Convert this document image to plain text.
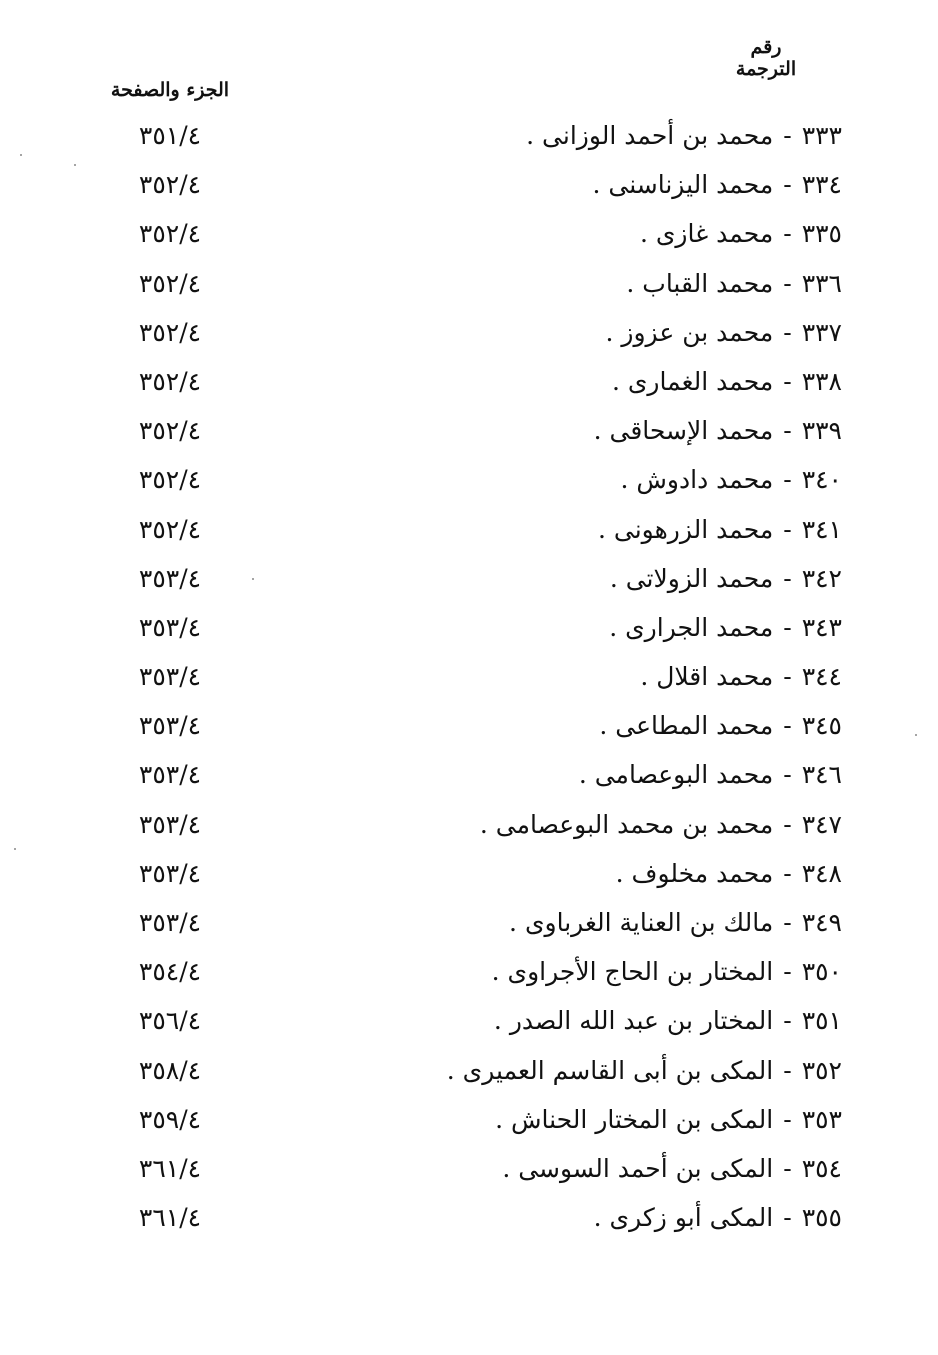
رقم
الترجمة
الجزء والصفحة
٣٣٣-محمد بن أحمد الوزانى .
٣٥١/٤
٣٣٤-محمد اليزناسنى .
٣٥٢/٤
٣٣٥-محمد غازى .
٣٥٢/٤
٣٣٦-محمد القباب .
٣٥٢/٤
٣٣٧-محمد بن عزوز .
٣٥٢/٤
٣٣٨-محمد الغمارى .
٣٥٢/٤
٣٣٩-محمد الإسحاقى .
٣٥٢/٤
٣٤٠-محمد دادوش .
٣٥٢/٤
٣٤١-محمد الزرهونى .
٣٥٢/٤
٣٤٢-محمد الزولاتى .
٣٥٣/٤
٣٤٣-محمد الجرارى .
٣٥٣/٤
٣٤٤-محمد اقلال .
٣٥٣/٤
٣٤٥-محمد المطاعى .
٣٥٣/٤
٣٤٦-محمد البوعصامى .
٣٥٣/٤
٣٤٧-محمد بن محمد البوعصامى .
٣٥٣/٤
٣٤٨-محمد مخلوف .
٣٥٣/٤
٣٤٩-مالك بن العناية الغرباوى .
٣٥٣/٤
٣٥٠-المختار بن الحاج الأجراوى .
٣٥٤/٤
٣٥١-المختار بن عبد الله الصدر .
٣٥٦/٤
٣٥٢-المكى بن أبى القاسم العميرى .
٣٥٨/٤
٣٥٣-المكى بن المختار الحناش .
٣٥٩/٤
٣٥٤-المكى بن أحمد السوسى .
٣٦١/٤
٣٥٥-المكى أبو زكرى .
٣٦١/٤
